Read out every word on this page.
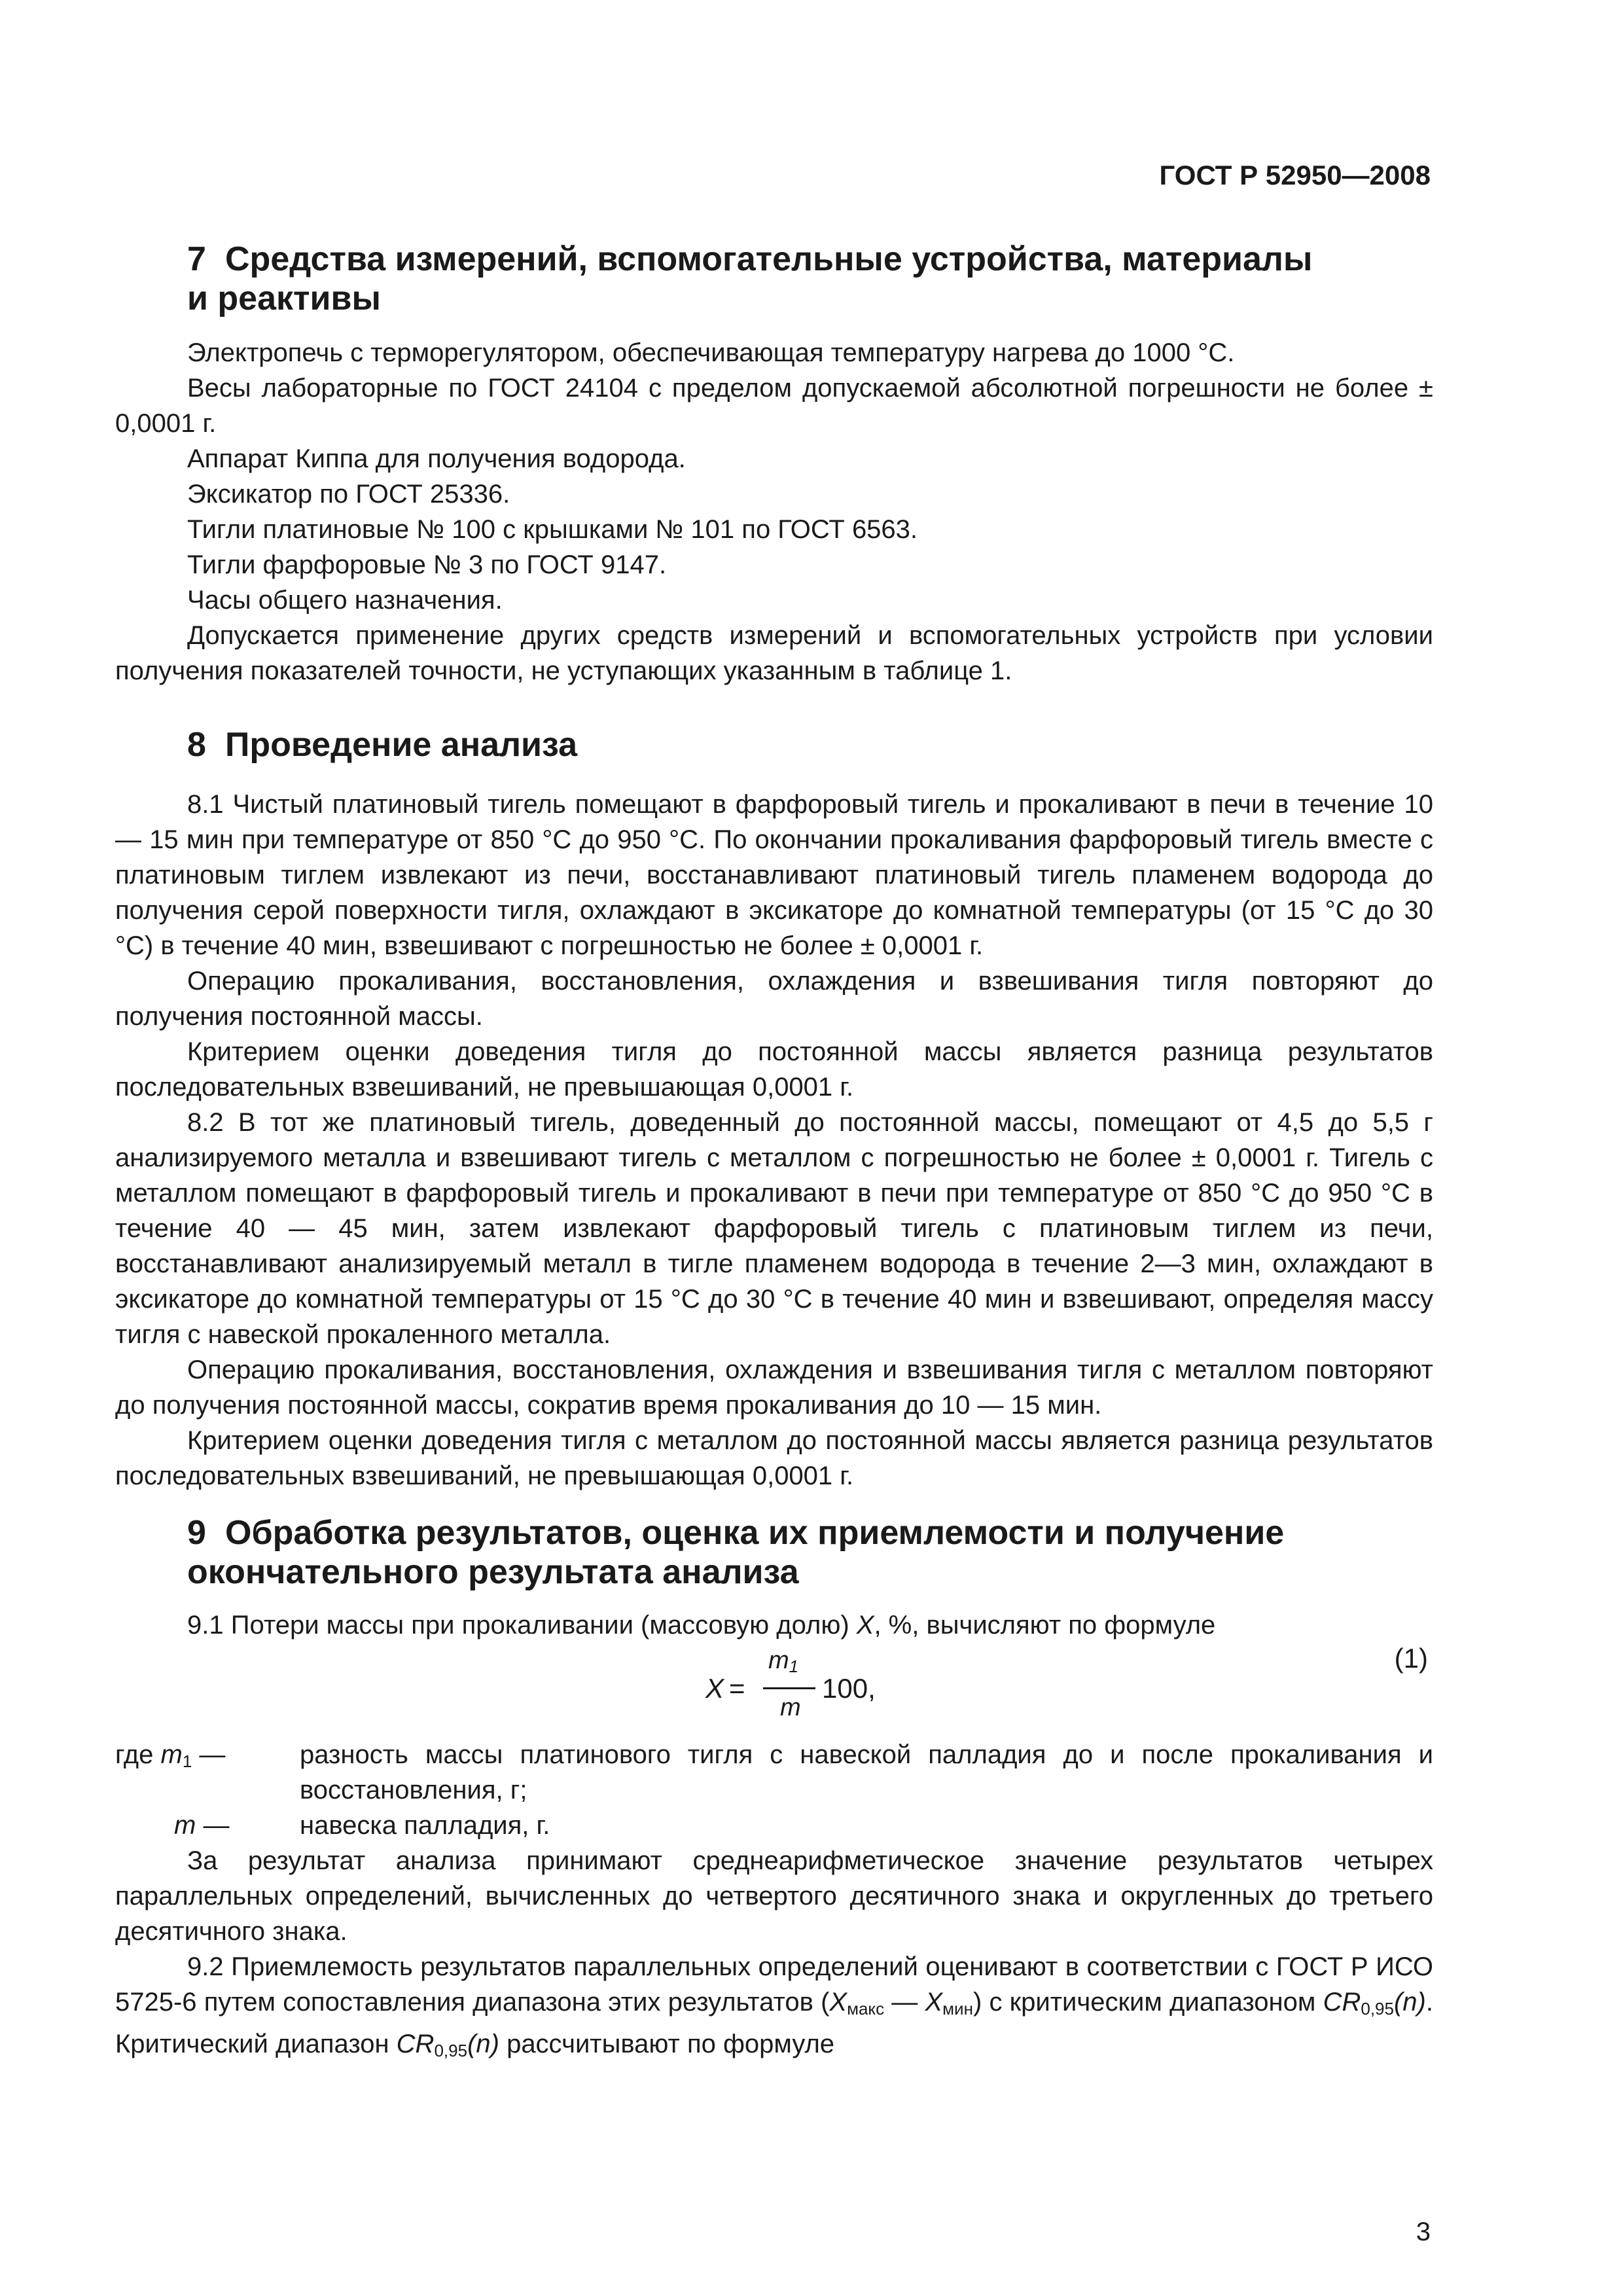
ГОСТ Р 52950—2008
7 Средства измерений, вспомогательные устройства, материалы
и реактивы

Электропечь с терморегулятором, обеспечивающая температуру нагрева до 1000 °С.

Весы лабораторные по ГОСТ 24104 с пределом допускаемой абсолютной погрешности не более ± 0,0001 г.

Аппарат Киппа для получения водорода.

Эксикатор по ГОСТ 25336.

Тигли платиновые № 100 с крышками № 101 по ГОСТ 6563.

Тигли фарфоровые № 3 по ГОСТ 9147.

Часы общего назначения.

Допускается применение других средств измерений и вспомогательных устройств при условии получения показателей точности, не уступающих указанным в таблице 1.

8 Проведение анализа

8.1 Чистый платиновый тигель помещают в фарфоровый тигель и прокаливают в печи в течение 10 — 15 мин при температуре от 850 °С до 950 °С. По окончании прокаливания фарфоровый тигель вместе с платиновым тиглем извлекают из печи, восстанавливают платиновый тигель пламенем водорода до получения серой поверхности тигля, охлаждают в эксикаторе до комнатной температуры (от 15 °С до 30 °С) в течение 40 мин, взвешивают с погрешностью не более ± 0,0001 г.

Операцию прокаливания, восстановления, охлаждения и взвешивания тигля повторяют до получения постоянной массы.

Критерием оценки доведения тигля до постоянной массы является разница результатов последовательных взвешиваний, не превышающая 0,0001 г.

8.2 В тот же платиновый тигель, доведенный до постоянной массы, помещают от 4,5 до 5,5 г анализируемого металла и взвешивают тигель с металлом с погрешностью не более ± 0,0001 г. Тигель с металлом помещают в фарфоровый тигель и прокаливают в печи при температуре от 850 °С до 950 °С в течение 40 — 45 мин, затем извлекают фарфоровый тигель с платиновым тиглем из печи, восстанавливают анализируемый металл в тигле пламенем водорода в течение 2—3 мин, охлаждают в эксикаторе до комнатной температуры от 15 °С до 30 °С в течение 40 мин и взвешивают, определяя массу тигля с навеской прокаленного металла.

Операцию прокаливания, восстановления, охлаждения и взвешивания тигля с металлом повторяют до получения постоянной массы, сократив время прокаливания до 10 — 15 мин.

Критерием оценки доведения тигля с металлом до постоянной массы является разница результатов последовательных взвешиваний, не превышающая 0,0001 г.

9 Обработка результатов, оценка их приемлемости и получение
окончательного результата анализа

9.1 Потери массы при прокаливании (массовую долю) X, %, вычисляют по формуле

X =
$m_1$
m
100,
(1)
где $m_1$ —	разность массы платинового тигля с навеской палладия до и после прокаливания и восстановления, г;
m —	навеска палладия, г.

За результат анализа принимают среднеарифметическое значение результатов четырех параллельных определений, вычисленных до четвертого десятичного знака и округленных до третьего десятичного знака.

9.2 Приемлемость результатов параллельных определений оценивают в соответствии с ГОСТ Р ИСО 5725-6 путем сопоставления диапазона этих результатов ($X_{макс}$ — $X_{мин}$) с критическим диапазоном $CR_{0,95}(n)$. Критический диапазон $CR_{0,95}(n)$ рассчитывают по формуле

3
